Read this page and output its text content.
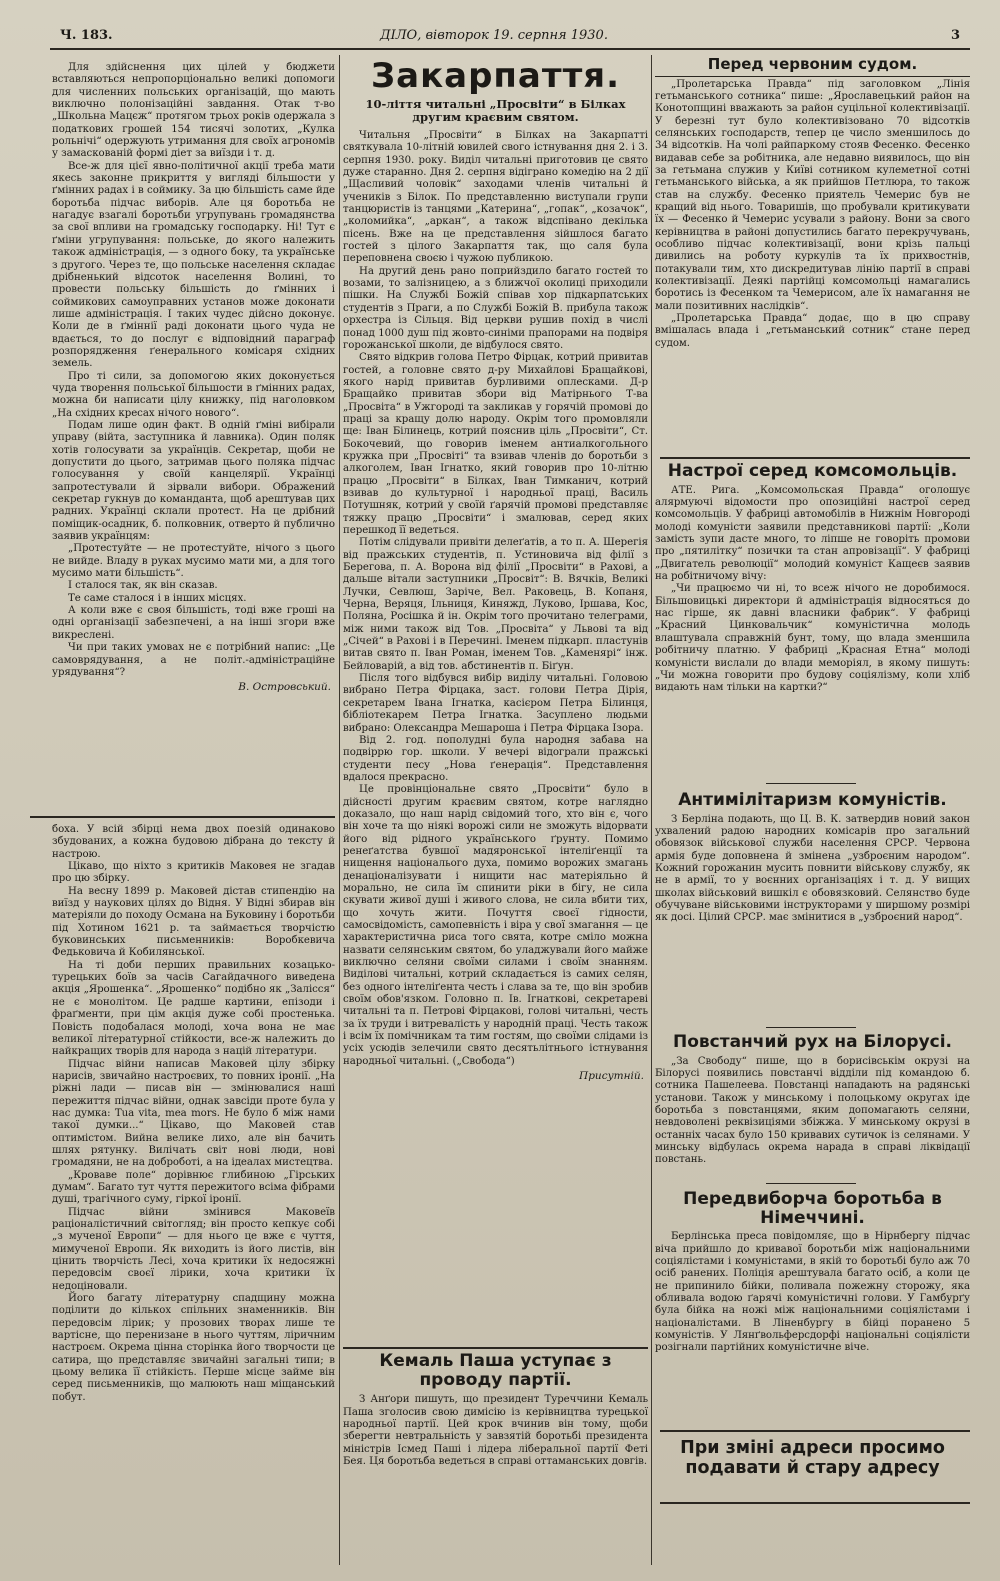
Ч. 183.	ДІЛО, вівторок 19. серпня 1930.	3

Для здійснення цих цілей у бюджети вставляються непропорціонально великі допомоги для численних польських організацій, що мають виключно полонізаційні завдання. Отак т-во „Школьна Мацєж“ протягом трьох років одержала з податкових грошей 154 тисячі золотих, „Кулка рольнічі“ одержують утримання для своїх агрономів у замаскованій формі діет за виїзди і т. д.

Все-ж для цієї явно-політичної акції треба мати якесь законне прикриття у вигляді більшости у ґмінних радах і в соймику. За цю більшість саме йде боротьба підчас виборів. Але ця боротьба не нагадує взагалі боротьби угрупувань громадянства за свої впливи на громадську господарку. Ні! Тут є ґміни угрупування: польське, до якого належить також адміністрація, — з одного боку, та українське з другого. Через те, що польське населення складає дрібненький відсоток населення Волині, то провести польську більшість до ґмінних і соймикових самоуправних установ може доконати лише адміністрація. І таких чудес дійсно доконує. Коли де в ґміннії раді доконати цього чуда не вдається, то до послуг є відповідний параграф розпорядження ґенерального комісаря східних земель.

Про ті сили, за допомогою яких доконується чуда творення польської більшости в ґмінних радах, можна би написати цілу книжку, під наголовком „На східних кресах нічого нового“.

Подам лише один факт. В одній ґміні вибірали управу (війта, заступника й лавника). Один поляк хотів голосувати за українців. Секретар, щоби не допустити до цього, затримав цього поляка підчас голосування у своїй канцелярії. Українці запротестували й зірвали вибори. Ображений секретар гукнув до команданта, щоб арештував цих радних. Українці склали протест. На це дрібний поміщик-осадник, б. полковник, отверто й публично заявив українцям:

„Протестуйте — не протестуйте, нічого з цього не вийде. Владу в руках мусимо мати ми, а для того мусимо мати більшість“.

І сталося так, як він сказав.

Те саме сталося і в інших місцях.

А коли вже є своя більшість, тоді вже гроші на одні організації забезпечені, а на інші згори вже викреслені.

Чи при таких умовах не є потрібний напис: „Це самоврядування, а не політ.-адміністраційне урядування“?

В. Островський.

боха. У всій збірці нема двох поезій одинаково збудованих, а кожна будовою дібрана до тексту й настрою.

Цікаво, що ніхто з критиків Маковея не згадав про цю збірку.

На весну 1899 р. Маковей дістав стипендію на виїзд у наукових цілях до Відня. У Відні збирав він матеріяли до походу Османа на Буковину і боротьби під Хотином 1621 р. та займається творчістю буковинських письменників: Воробкевича Федьковича й Кобилянської.

На ті доби перших правильних козацько-турецьких боїв за часів Сагайдачного виведена акція „Ярошенка“. „Ярошенко“ подібно як „Залісся“ не є монолітом. Це радше картини, епізоди і фраґменти, при цім акція дуже собі простенька. Повість подобалася молоді, хоча вона не має великої літературної стійкости, все-ж належить до найкращих творів для народа з націй літератури.

Підчас війни написав Маковей цілу збірку нарисів, звичайно настроєвих, то повних іронії. „На ріжні лади — писав він — змінювалися наші пережиття підчас війни, однак завсіди проте була у нас думка: Tua vita, mea mors. Не було б між нами такої думки...“ Цікаво, що Маковей став оптимістом. Вийна велике лихо, але він бачить шлях рятунку. Вилічать світ нові люди, нові громадяни, не на доброботі, а на ідеалах мистецтва.

„Кроваве поле“ дорівнює глибиною „Гірських думам“. Багато тут чуття пережитого всіма фібрами душі, трагічного суму, гіркої іронії.

Підчас війни змінився Маковеїв раціоналістичний світогляд; він просто кепкує собі „з мученої Европи“ — для нього це вже є чуття, мимученої Европи. Як виходить із його листів, він цінить творчість Лесі, хоча критики їх недосяжні передовсім своєї лірики, хоча критики їх недоціновали.

Його багату літературну спадщину можна поділити до кількох спільних знаменників. Він передовсім лірик; у прозових творах лише те вартісне, що перенизане в нього чуттям, ліричним настроєм. Окрема цінна сторінка його творчости це сатира, що представляє звичайні загальні типи; в цьому велика її стійкість. Перше місце займе він серед письменників, що малюють наш міщанський побут.

Закарпаття.

10-ліття читальні „Просвіти“ в Білках другим краєвим святом.

Читальня „Просвіти“ в Білках на Закарпатті святкувала 10-літній ювилей свого істнування дня 2. і 3. серпня 1930. року. Виділ читальні приготовив це свято дуже старанно. Дня 2. серпня відіграно комедію на 2 дії „Щасливий чоловік“ заходами членів читальні й учеників з Білок. По представленню виступали групи танцюристів із танцями „Катерина“, „гопак“, „козачок“, „коломийка“, „аркан“, а також відспівано декілька пісень. Вже на це представлення зійшлося багато гостей з цілого Закарпаття так, що саля була переповнена своєю і чужою публикою.

На другий день рано поприйздило багато гостей то возами, то залізницею, а з ближчої околиці приходили пішки. На Службі Божій співав хор підкарпатських студентів з Праги, а по Службі Божій В. прибула також орхестра із Сільця. Від церкви рушив похід в числі понад 1000 душ під жовто-синіми прапорами на подвіря горожанської школи, де відбулося свято.

Свято відкрив голова Петро Фірцак, котрий привитав гостей, а головне свято д-ру Михайлові Бращайкові, якого нарід привитав бурливими оплесками. Д-р Бращайко привитав збори від Матірнього Т-ва „Просвіта“ в Ужгороді та закликав у горячій промові до праці за кращу долю народу. Окрім того промовляли ще: Іван Білинець, котрий пояснив ціль „Просвіти“, Ст. Бокочевий, що говорив іменем антиалкогольного кружка при „Просвіті“ та взивав членів до боротьби з алкоголем, Іван Ігнатко, який говорив про 10-літню працю „Просвіти“ в Білках, Іван Тимканич, котрий взивав до культурної і народньої праці, Василь Потушняк, котрий у своїй ґарячій промові представляє тяжку працю „Просвіти“ і змалював, серед яких перешкод її ведеться.

Потім слідували привіти делеґатів, а то п. А. Шерегія від пражських студентів, п. Устиновича від філії з Берегова, п. А. Ворона від філії „Просвіти“ в Рахові, а дальше вітали заступники „Просвіт“: В. Вячків, Великі Лучки, Севлюш, Заріче, Вел. Раковець, В. Копаня, Черна, Веряця, Ільниця, Киняжд, Луково, Іршава, Кос, Поляна, Росішка й ін. Окрім того прочитано телеграми, між ними також від Тов. „Просвіта“ у Львові та від „Січей“ в Рахові і в Перечині. Іменем підкарп. пластунів витав свято п. Іван Роман, іменем Тов. „Каменярі“ інж. Бейловарій, а від тов. абстинентів п. Біґун.

Після того відбувся вибір виділу читальні. Головою вибрано Петра Фірцака, заст. голови Петра Дірія, секретарем Івана Ігнатка, касієром Петра Білинця, бібліотекарем Петра Ігнатка. Засуплено людьми вибрано: Олександра Мешароша і Петра Фірцака Ізора.

Від 2. год. пополудні була народня забава на подвіррю гор. школи. У вечері відограли пражські студенти песу „Нова ґенерація“. Представлення вдалося прекрасно.

Це провінціональне свято „Просвіти“ було в дійсності другим краєвим святом, котре наглядно доказало, що наш нарід свідомий того, хто він є, чого він хоче та що ніякі ворожі сили не зможуть відорвати його від рідного українського ґрунту. Помимо ренеґатства бувшої мадяронської інтеліґенції та нищення національого духа, помимо ворожих змагань денаціоналізувати і нищити нас матеріяльно й морально, не сила їм спинити ріки в бігу, не сила скувати живої душі і живого слова, не сила вбити тих, що хочуть жити. Почуття своєї гідности, самосвідомість, самопевність і віра у свої змагання — це характеристична риса того свята, котре сміло можна назвати селянським святом, бо уладжували його майже виключно селяни своїми силами і своїм знанням. Виділові читальні, котрий складається із самих селян, без одного інтеліґента честь і слава за те, що він зробив своїм обов'язком. Головно п. Ів. Ігнаткові, секретареві читальні та п. Петрові Фірцакові, голові читальні, честь за їх труди і витревалість у народній праці. Честь також і всім їх помічникам та тим гостям, що своїми слідами із усіх усюдів зелечили свято десятьлітнього істнування народньої читальні. („Свобода“)

Присутній.

Кемаль Паша уступає з проводу партії.

З Анґори пишуть, що президент Туреччини Кемаль Паша зголосив свою димісію із керівництва турецької народньої партії. Цей крок вчинив він тому, щоби зберегти невтральність у завзятій боротьбі президента міністрів Ісмед Паші і лідера ліберальної партії Феті Бея. Ця боротьба ведеться в справі оттаманських довгів.

Перед червоним судом.

„Пролетарська Правда“ під заголовком „Лінія гетьманського сотника“ пише: „Ярославецький район на Конотопщині вважають за район суцільної колективізації. У березні тут було колективізовано 70 відсотків селянських господарств, тепер це число зменшилось до 34 відсотків. На чолі райпаркому стояв Фесенко. Фесенко видавав себе за робітника, але недавно виявилось, що він за гетьмана служив у Київі сотником кулеметної сотні гетьманського війська, а як прийшов Петлюра, то також став на службу. Фесенко приятель Чемерис був не кращий від нього. Товаришів, що пробували критикувати їх — Фесенко й Чемерис усували з району. Вони за свого керівництва в районі допустились багато перекручувань, особливо підчас колективізації, вони крізь пальці дивились на роботу куркулів та їх прихвостнів, потакували тим, хто дискредитував лінію партії в справі колективізації. Деякі партійці комсомольці намагались боротись із Фесенком та Чемерисом, але їх намагання не мали позитивних наслідків“.

„Пролетарська Правда“ додає, що в цю справу вмішалась влада і „гетьманський сотник“ стане перед судом.

Настрої серед комсомольців.

АТЕ. Рига. „Комсомольская Правда“ оголошує алярмуючі відомости про опозиційні настрої серед комсомольців. У фабриці автомобілів в Нижнім Новгороді молоді комуністи заявили представникові партії: „Коли замість зупи дасте много, то ліпше не говоріть промови про „пятилітку“ позички та стан апровізації“. У фабриці „Двигатель революції“ молодий комуніст Кащеєв заявив на робітничому вічу:

„Чи працюємо чи ні, то всеж нічого не доробимося. Більшовицькі директори й адміністрація відносяться до нас гірше, як давні власники фабрик“. У фабриці „Красний Цинковальчик“ комуністична молодь влаштувала справжній бунт, тому, що влада зменшила робітничу платню. У фабриці „Красная Етна“ молоді комуністи вислали до влади меморіял, в якому пишуть: „Чи можна говорити про будову соціялізму, коли хліб видають нам тільки на картки?“

Антимілітаризм комуністів.

З Берліна подають, що Ц. В. К. затвердив новий закон ухвалений радою народних комісарів про загальний обовязок військової служби населення СРСР. Червона армія буде доповнена й змінена „узброєним народом“. Кожний горожанин мусить повнити військову службу, як не в армії, то у воєнних організаціях і т. д. У вищих школах військовий вишкіл є обовязковий. Селянство буде обучуване військовими інструкторами у ширшому розмірі як досі. Цілий СРСР. має змінитися в „узброєний народ“.

Повстанчий рух на Білорусі.

„За Свободу“ пише, що в борисівськім окрузі на Білорусі появились повстанчі відділи під командою б. сотника Пашелеева. Повстанці нападають на радянські установи. Також у минському і полоцькому округах іде боротьба з повстанцями, яким допомагають селяни, невдоволені реквізиціями збіжжа. У минському окрузі в останніх часах було 150 кривавих сутичок із селянами. У минську відбулась окрема нарада в справі ліквідації повстань.

Передвиборча боротьба в Німеччині.

Берлінська преса повідомляє, що в Нірнбергу підчас віча прийшло до кривавої боротьби між національними соціялістами і комуністами, в якій то боротьбі було аж 70 осіб ранених. Поліція арештувала багато осіб, а коли це не припинило бійки, поливала пожежну сторожу, яка обливала водою ґарячі комуністичні голови. У Гамбурґу була бійка на ножі між національними соціялістами і націоналістами. В Ліненбургу в бійці поранено 5 комуністів. У Лянґвольферсдорфі національні соціялісти розігнали партійних комуністичне віче.

При зміні адреси просимо подавати й стару адресу
